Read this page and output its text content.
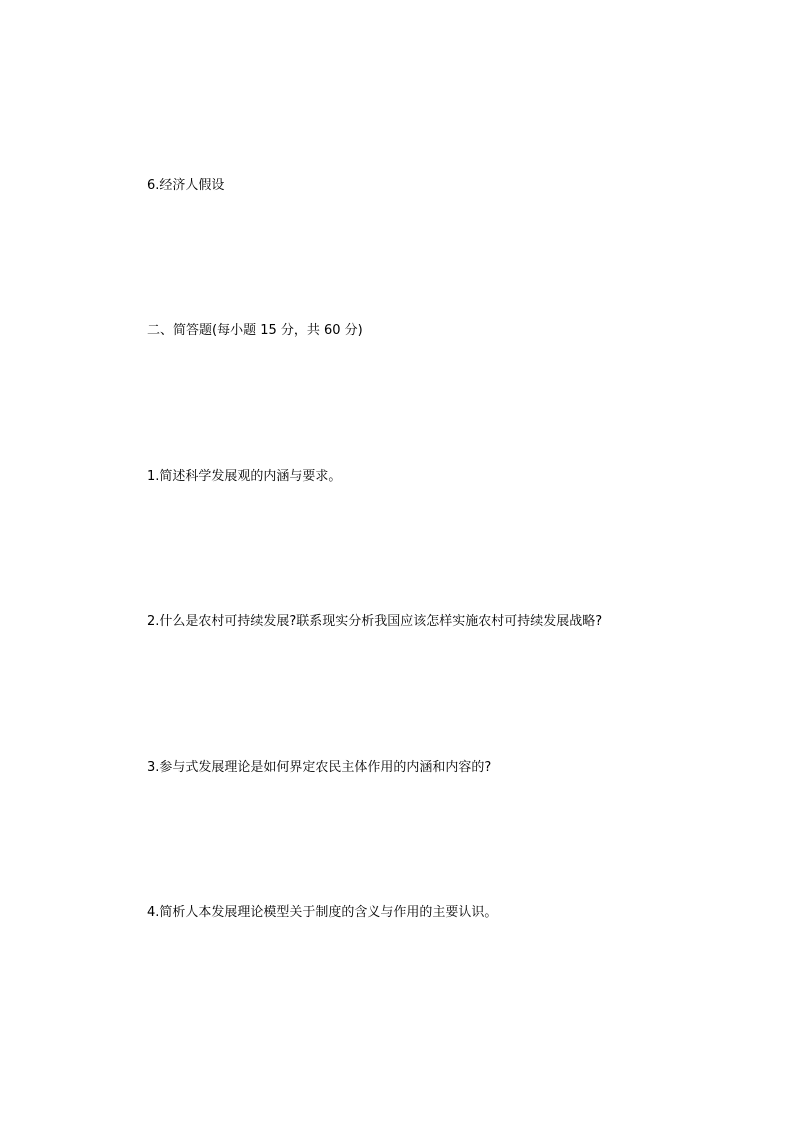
6.经济人假设
二、简答题(每小题 15 分，共 60 分)
1.简述科学发展观的内涵与要求。
2.什么是农村可持续发展?联系现实分析我国应该怎样实施农村可持续发展战略?
3.参与式发展理论是如何界定农民主体作用的内涵和内容的?
4.简析人本发展理论模型关于制度的含义与作用的主要认识。
